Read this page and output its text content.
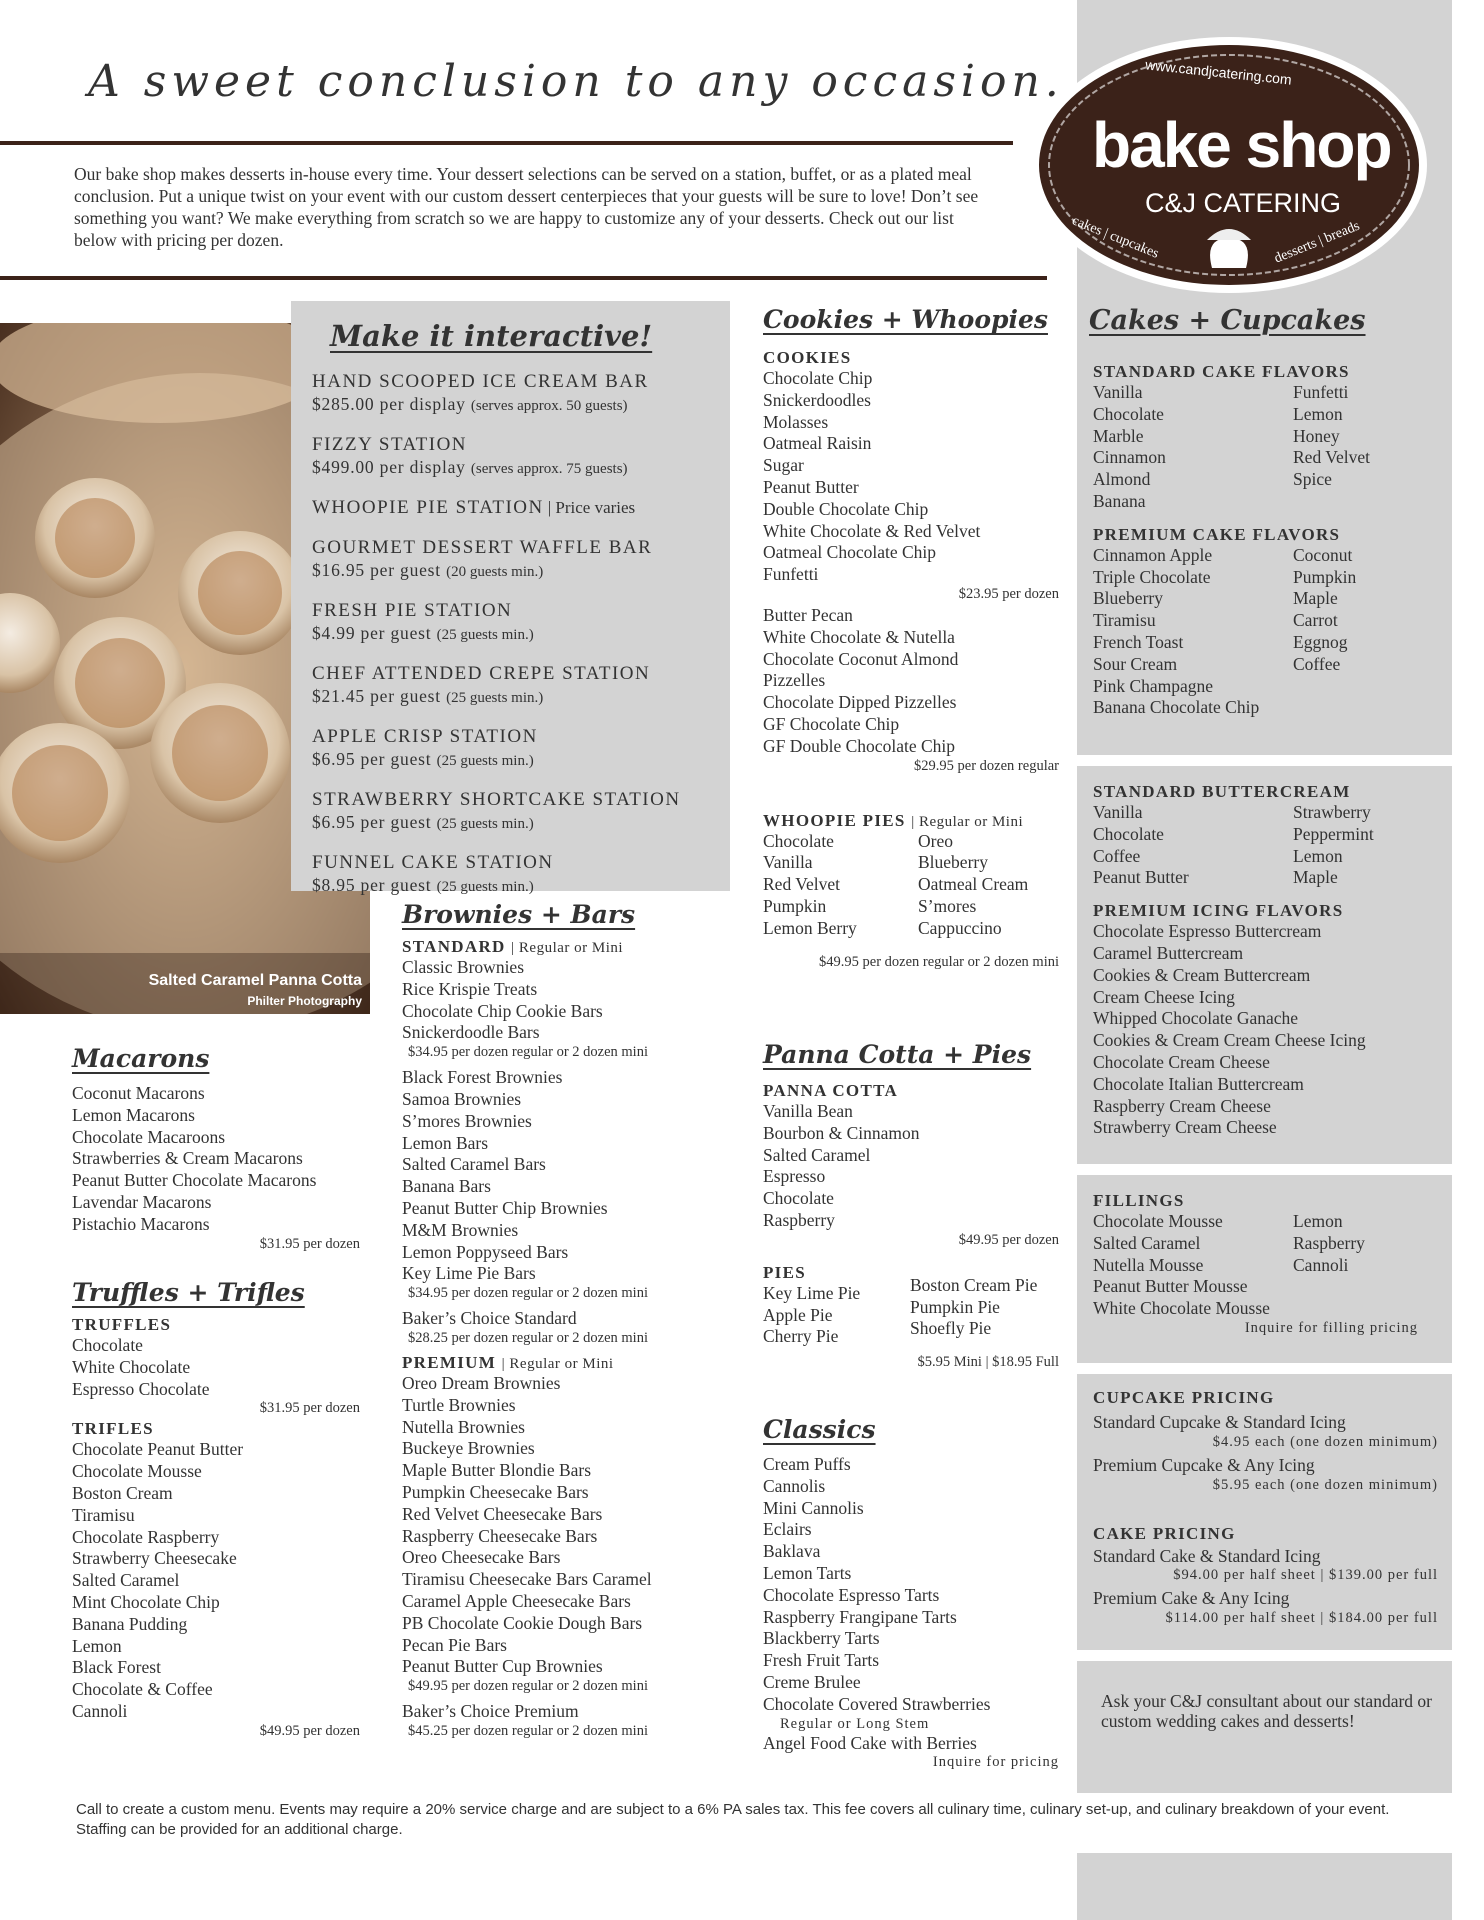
www.candjcatering.com
bake shop
C&J CATERING
cakes | cupcakes	desserts | breads
A sweet conclusion to any occasion.
Our bake shop makes desserts in-house every time. Your dessert selections can be served on a station, buffet, or as a plated meal conclusion. Put a unique twist on your event with our custom dessert centerpieces that your guests will be sure to love! Don’t see something you want? We make everything from scratch so we are happy to customize any of your desserts. Check out our list below with pricing per dozen.
Salted Caramel Panna Cotta
Philter Photography
Make it interactive!
HAND SCOOPED ICE CREAM BAR
$285.00 per display (serves approx. 50 guests)
FIZZY STATION
$499.00 per display (serves approx. 75 guests)
WHOOPIE PIE STATION | Price varies
GOURMET DESSERT WAFFLE BAR
$16.95 per guest (20 guests min.)
FRESH PIE STATION
$4.99 per guest (25 guests min.)
CHEF ATTENDED CREPE STATION
$21.45 per guest (25 guests min.)
APPLE CRISP STATION
$6.95 per guest (25 guests min.)
STRAWBERRY SHORTCAKE STATION
$6.95 per guest (25 guests min.)
FUNNEL CAKE STATION
$8.95 per guest (25 guests min.)
Macarons
Coconut Macarons
Lemon Macarons
Chocolate Macaroons
Strawberries & Cream Macarons
Peanut Butter Chocolate Macarons
Lavendar Macarons
Pistachio Macarons
$31.95 per dozen
Truffles + Trifles
TRUFFLES
Chocolate
White Chocolate
Espresso Chocolate
$31.95 per dozen
TRIFLES
Chocolate Peanut Butter
Chocolate Mousse
Boston Cream
Tiramisu
Chocolate Raspberry
Strawberry Cheesecake
Salted Caramel
Mint Chocolate Chip
Banana Pudding
Lemon
Black Forest
Chocolate & Coffee
Cannoli
$49.95 per dozen
Brownies + Bars
STANDARD | Regular or Mini
Classic Brownies
Rice Krispie Treats
Chocolate Chip Cookie Bars
Snickerdoodle Bars
$34.95 per dozen regular or 2 dozen mini
Black Forest Brownies
Samoa Brownies
S’mores Brownies
Lemon Bars
Salted Caramel Bars
Banana Bars
Peanut Butter Chip Brownies
M&M Brownies
Lemon Poppyseed Bars
Key Lime Pie Bars
$34.95 per dozen regular or 2 dozen mini
Baker’s Choice Standard
$28.25 per dozen regular or 2 dozen mini
PREMIUM | Regular or Mini
Oreo Dream Brownies
Turtle Brownies
Nutella Brownies
Buckeye Brownies
Maple Butter Blondie Bars
Pumpkin Cheesecake Bars
Red Velvet Cheesecake Bars
Raspberry Cheesecake Bars
Oreo Cheesecake Bars
Tiramisu Cheesecake Bars Caramel
Caramel Apple Cheesecake Bars
PB Chocolate Cookie Dough Bars
Pecan Pie Bars
Peanut Butter Cup Brownies
$49.95 per dozen regular or 2 dozen mini
Baker’s Choice Premium
$45.25 per dozen regular or 2 dozen mini
Cookies + Whoopies
COOKIES
Chocolate Chip
Snickerdoodles
Molasses
Oatmeal Raisin
Sugar
Peanut Butter
Double Chocolate Chip
White Chocolate & Red Velvet
Oatmeal Chocolate Chip
Funfetti
$23.95 per dozen
Butter Pecan
White Chocolate & Nutella
Chocolate Coconut Almond
Pizzelles
Chocolate Dipped Pizzelles
GF Chocolate Chip
GF Double Chocolate Chip
$29.95 per dozen regular
WHOOPIE PIES | Regular or Mini
Chocolate
Vanilla
Red Velvet
Pumpkin
Lemon Berry
Oreo
Blueberry
Oatmeal Cream
S’mores
Cappuccino
$49.95 per dozen regular or 2 dozen mini
Panna Cotta + Pies
PANNA COTTA
Vanilla Bean
Bourbon & Cinnamon
Salted Caramel
Espresso
Chocolate
Raspberry
$49.95 per dozen
PIES
Key Lime Pie
Apple Pie
Cherry Pie
Boston Cream Pie
Pumpkin Pie
Shoefly Pie
$5.95 Mini | $18.95 Full
Classics
Cream Puffs
Cannolis
Mini Cannolis
Eclairs
Baklava
Lemon Tarts
Chocolate Espresso Tarts
Raspberry Frangipane Tarts
Blackberry Tarts
Fresh Fruit Tarts
Creme Brulee
Chocolate Covered Strawberries
Regular or Long Stem
Angel Food Cake with Berries
Inquire for pricing
Cakes + Cupcakes
STANDARD CAKE FLAVORS
Vanilla
Chocolate
Marble
Cinnamon
Almond
Banana
Funfetti
Lemon
Honey
Red Velvet
Spice
PREMIUM CAKE FLAVORS
Cinnamon Apple
Triple Chocolate
Blueberry
Tiramisu
French Toast
Sour Cream
Coconut
Pumpkin
Maple
Carrot
Eggnog
Coffee
Pink Champagne
Banana Chocolate Chip
STANDARD BUTTERCREAM
Vanilla
Chocolate
Coffee
Peanut Butter
Strawberry
Peppermint
Lemon
Maple
PREMIUM ICING FLAVORS
Chocolate Espresso Buttercream
Caramel Buttercream
Cookies & Cream Buttercream
Cream Cheese Icing
Whipped Chocolate Ganache
Cookies & Cream Cream Cheese Icing
Chocolate Cream Cheese
Chocolate Italian Buttercream
Raspberry Cream Cheese
Strawberry Cream Cheese
FILLINGS
Chocolate Mousse
Salted Caramel
Nutella Mousse
Lemon
Raspberry
Cannoli
Peanut Butter Mousse
White Chocolate Mousse
Inquire for filling pricing
CUPCAKE PRICING
Standard Cupcake & Standard Icing
$4.95 each (one dozen minimum)
Premium Cupcake & Any Icing
$5.95 each (one dozen minimum)
CAKE PRICING
Standard Cake & Standard Icing
$94.00 per half sheet | $139.00 per full
Premium Cake & Any Icing
$114.00 per half sheet | $184.00 per full
Ask your C&J consultant about our standard or custom wedding cakes and desserts!
Call to create a custom menu. Events may require a 20% service charge and are subject to a 6% PA sales tax. This fee covers all culinary time, culinary set-up, and culinary breakdown of your event. Staffing can be provided for an additional charge.
